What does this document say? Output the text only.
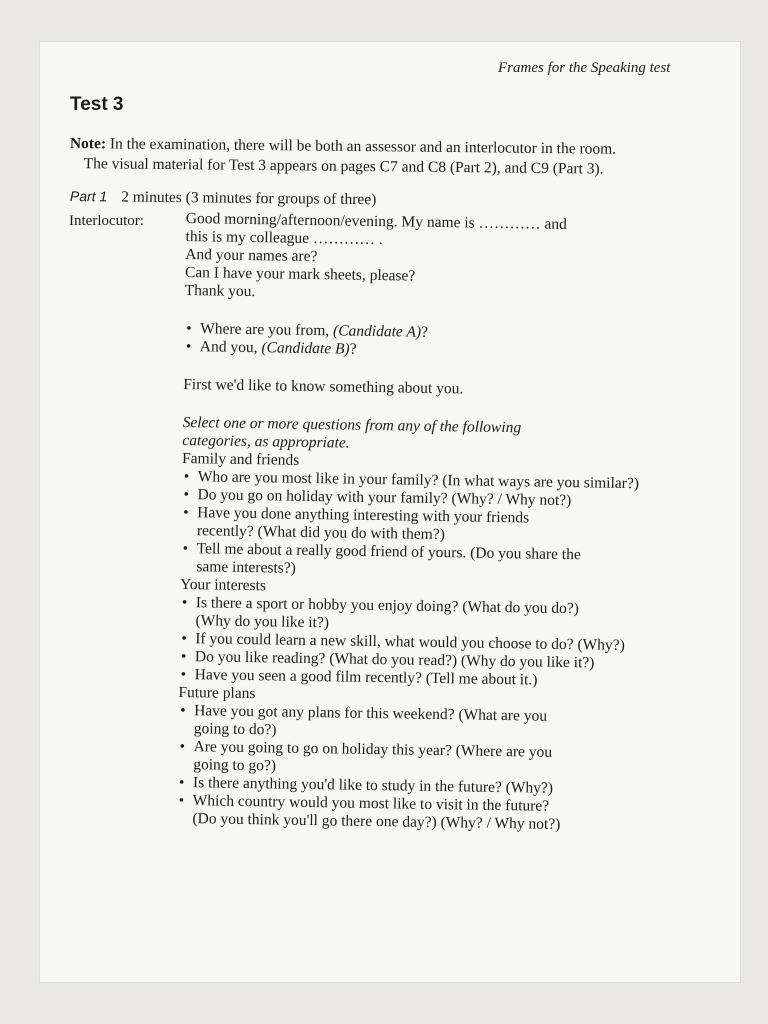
Frames for the Speaking test
Test 3
Note: In the examination, there will be both an assessor and an interlocutor in the room.
The visual material for Test 3 appears on pages C7 and C8 (Part 2), and C9 (Part 3).
Part 1 2 minutes (3 minutes for groups of three)
Interlocutor:	Good morning/afternoon/evening. My name is ………… and

this is my colleague ………… .

And your names are?

Can I have your mark sheets, please?

Thank you.

• Where are you from, (Candidate A)?
• And you, (Candidate B)?

First we'd like to know something about you.

Select one or more questions from any of the following

categories, as appropriate.

Family and friends

• Who are you most like in your family? (In what ways are you similar?)
• Do you go on holiday with your family? (Why? / Why not?)
• Have you done anything interesting with your friends
recently? (What did you do with them?)
• Tell me about a really good friend of yours. (Do you share the
same interests?)

Your interests

• Is there a sport or hobby you enjoy doing? (What do you do?)
(Why do you like it?)
• If you could learn a new skill, what would you choose to do? (Why?)
• Do you like reading? (What do you read?) (Why do you like it?)
• Have you seen a good film recently? (Tell me about it.)

Future plans

• Have you got any plans for this weekend? (What are you
going to do?)
• Are you going to go on holiday this year? (Where are you
going to go?)
• Is there anything you'd like to study in the future? (Why?)
• Which country would you most like to visit in the future?
(Do you think you'll go there one day?) (Why? / Why not?)
